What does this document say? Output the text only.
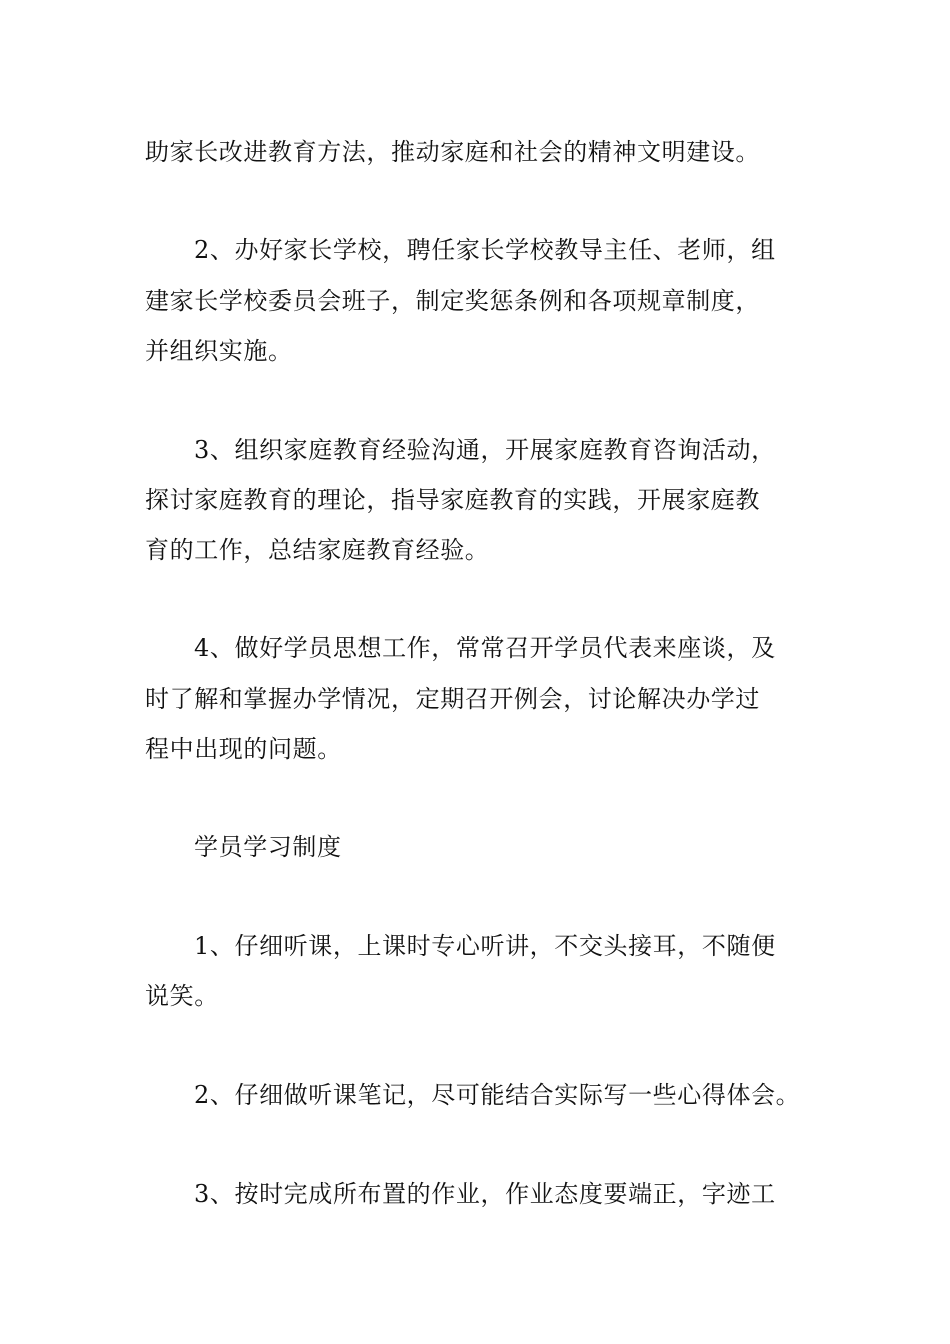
助家长改进教育方法，推动家庭和社会的精神文明建设。

2、办好家长学校，聘任家长学校教导主任、老师，组

建家长学校委员会班子，制定奖惩条例和各项规章制度，

并组织实施。

3、组织家庭教育经验沟通，开展家庭教育咨询活动，

探讨家庭教育的理论，指导家庭教育的实践，开展家庭教

育的工作，总结家庭教育经验。

4、做好学员思想工作，常常召开学员代表来座谈，及

时了解和掌握办学情况，定期召开例会，讨论解决办学过

程中出现的问题。

学员学习制度

1、仔细听课，上课时专心听讲，不交头接耳，不随便

说笑。

2、仔细做听课笔记，尽可能结合实际写一些心得体会。

3、按时完成所布置的作业，作业态度要端正，字迹工
